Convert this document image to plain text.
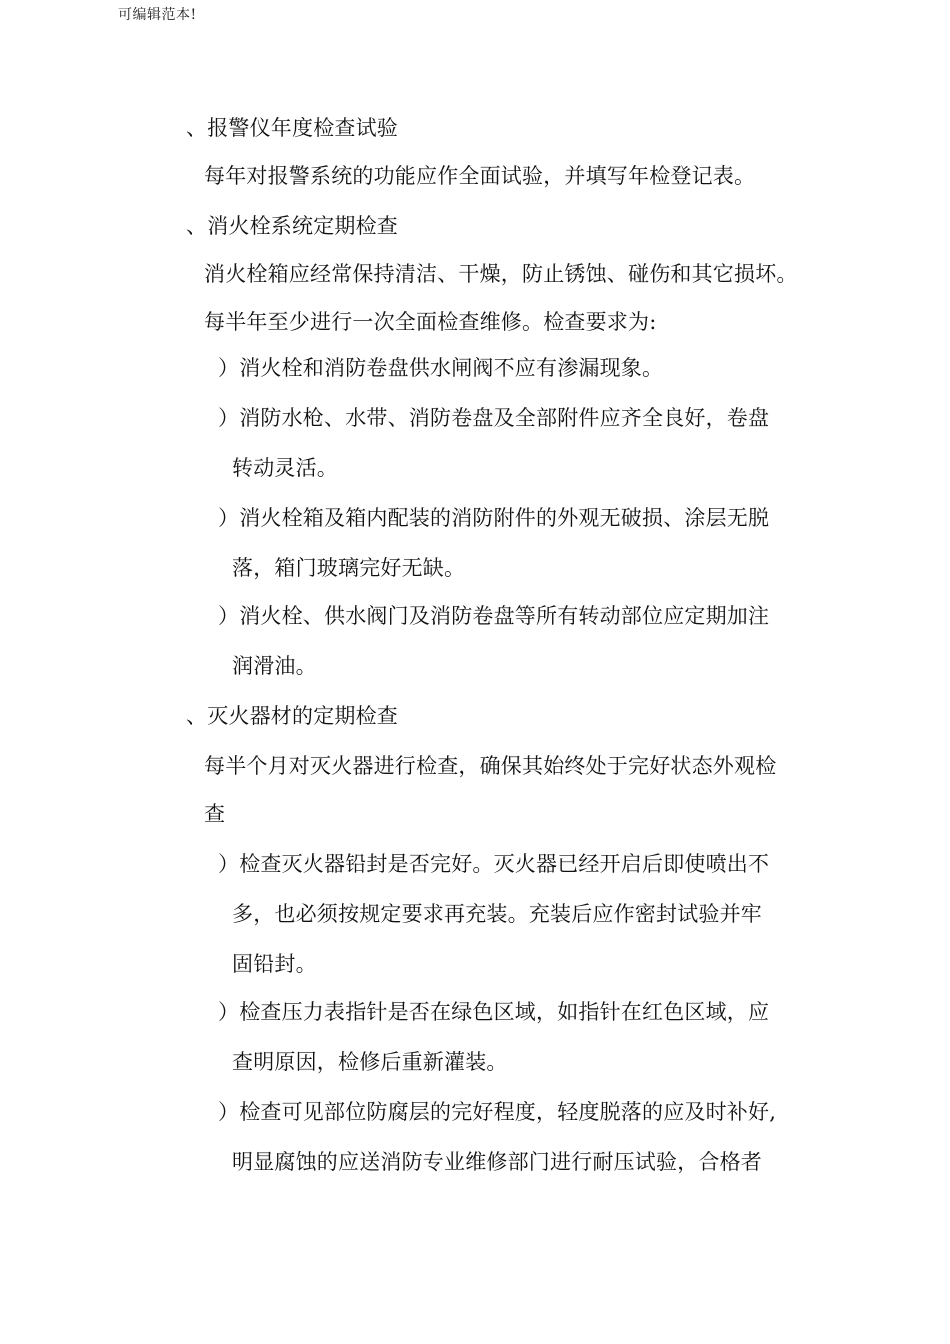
可编辑范本!
、报警仪年度检查试验
每年对报警系统的功能应作全面试验，并填写年检登记表。
、消火栓系统定期检查
消火栓箱应经常保持清洁、干燥，防止锈蚀、碰伤和其它损坏。
每半年至少进行一次全面检查维修。检查要求为:
）消火栓和消防卷盘供水闸阀不应有渗漏现象。
）消防水枪、水带、消防卷盘及全部附件应齐全良好，卷盘
转动灵活。
）消火栓箱及箱内配装的消防附件的外观无破损、涂层无脱
落，箱门玻璃完好无缺。
）消火栓、供水阀门及消防卷盘等所有转动部位应定期加注
润滑油。
、灭火器材的定期检查
每半个月对灭火器进行检查，确保其始终处于完好状态外观检
查
）检查灭火器铅封是否完好。灭火器已经开启后即使喷出不
多，也必须按规定要求再充装。充装后应作密封试验并牢
固铅封。
）检查压力表指针是否在绿色区域，如指针在红色区域，应
查明原因，检修后重新灌装。
）检查可见部位防腐层的完好程度，轻度脱落的应及时补好,
明显腐蚀的应送消防专业维修部门进行耐压试验，合格者
